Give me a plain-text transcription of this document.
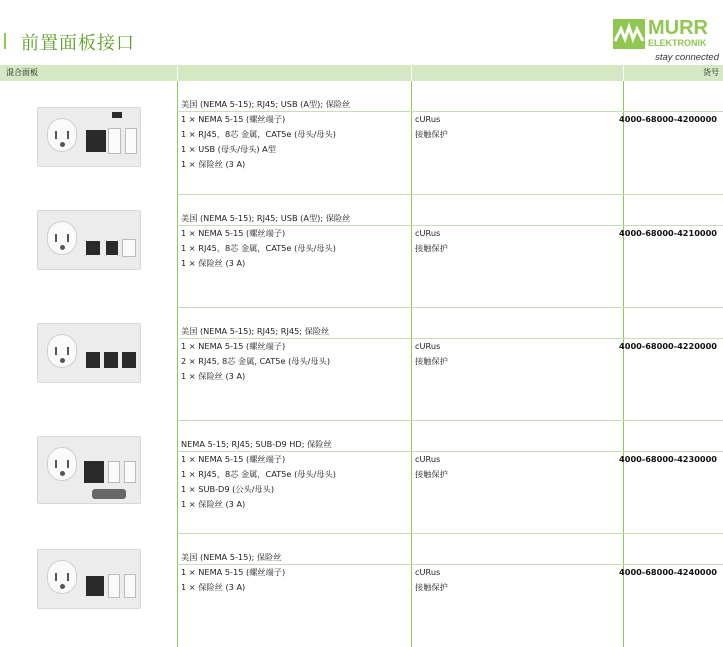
前置面板接口
MURR
ELEKTRONIK
stay connected
混合面板	货号
美国 (NEMA 5-15); RJ45; USB (A型); 保险丝
1 × NEMA 5-15 (螺丝端子)
1 × RJ45，8芯 金属，CAT5e (母头/母头)
1 × USB (母头/母头) A型
1 × 保险丝 (3 A)
cURus
接触保护
4000-68000-4200000
美国 (NEMA 5-15); RJ45; USB (A型); 保险丝
1 × NEMA 5-15 (螺丝端子)
1 × RJ45，8芯 金属，CAT5e (母头/母头)
1 × 保险丝 (3 A)
cURus
接触保护
4000-68000-4210000
美国 (NEMA 5-15); RJ45; RJ45; 保险丝
1 × NEMA 5-15 (螺丝端子)
2 × RJ45, 8芯 金属, CAT5e (母头/母头)
1 × 保险丝 (3 A)
cURus
接触保护
4000-68000-4220000
NEMA 5-15; RJ45; SUB-D9 HD; 保险丝
1 × NEMA 5-15 (螺丝端子)
1 × RJ45，8芯 金属，CAT5e (母头/母头)
1 × SUB-D9 (公头/母头)
1 × 保险丝 (3 A)
cURus
接触保护
4000-68000-4230000
美国 (NEMA 5-15); 保险丝
1 × NEMA 5-15 (螺丝端子)
1 × 保险丝 (3 A)
cURus
接触保护
4000-68000-4240000
